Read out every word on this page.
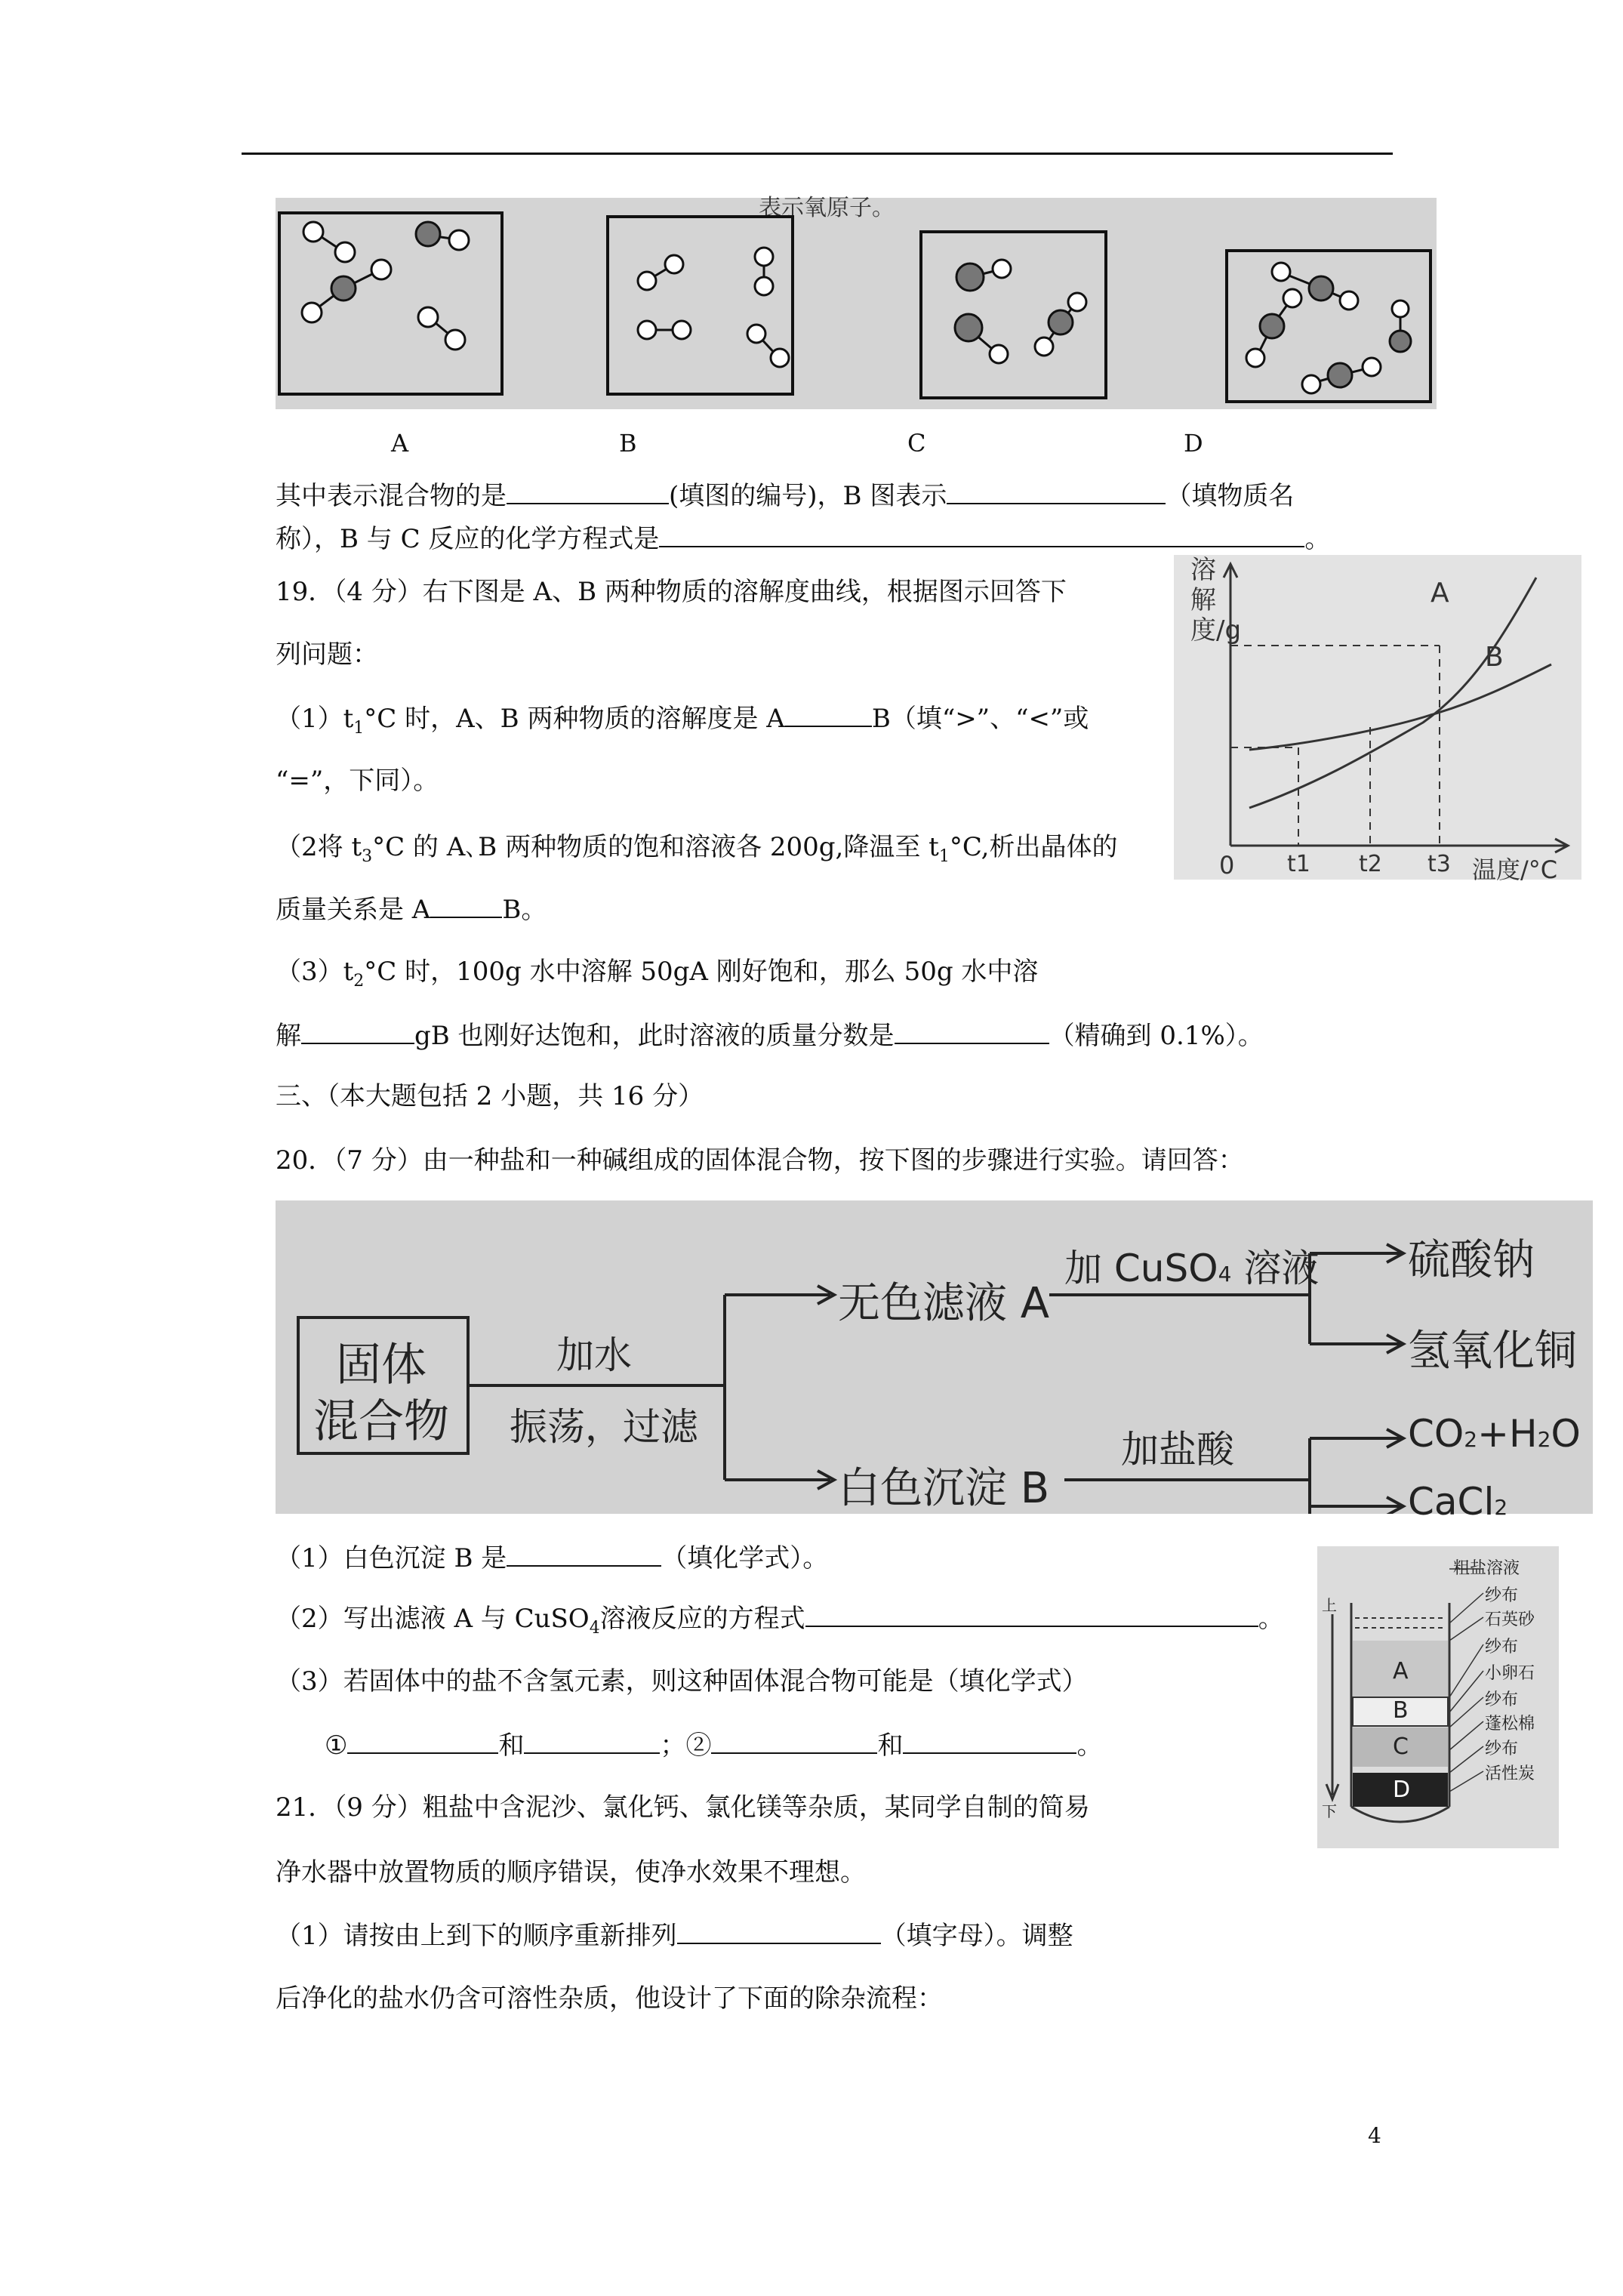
表示氧原子。
A	B	C	D
其中表示混合物的是	(填图的编号)，B 图表示	（填物质名
称），B 与 C 反应的化学方程式是	。
19．（4 分）右下图是 A、B 两种物质的溶解度曲线，根据图示回答下
列问题：
$(1)t_1^\circ C$ 时，A、B 两种物质的溶解度是 A	B（填“>”、“<”或
“=”，下同）。
（2将 $t_3^\circ C$ 的 A､B 两种物质的饱和溶液各 200g,降温至 $t_1^\circ C$,析出晶体的
质量关系是 A	B。
$(3)t_2^\circ C$ 时，100g 水中溶解 50gA 刚好饱和，那么 50g 水中溶
解	gB 也刚好达饱和，此时溶液的质量分数是	（精确到 0.1%）。
溶解度/g
A
B
0 t1 t2 t3 温度/°C
三、（本大题包括 2 小题，共 16 分）
20．（7 分）由一种盐和一种碱组成的固体混合物，按下图的步骤进行实验。请回答：
固体
混合物
加水
振荡，过滤
无色滤液 A
白色沉淀 B
加 CuSO4 溶液
加盐酸
硫酸钠
氢氧化铜
CO2+H2O
CaCl2
（1）白色沉淀 B 是	（填化学式）。
（2）写出滤液 A 与 CuSO$_4$溶液反应的方程式	。
（3）若固体中的盐不含氢元素，则这种固体混合物可能是（填化学式）
①	和	；②	和	。
粗盐溶液
纱布
石英砂
纱布
小卵石
纱布
蓬松棉
纱布
活性炭
A
B
C
D
上
下
21．（9 分）粗盐中含泥沙、氯化钙、氯化镁等杂质，某同学自制的简易
净水器中放置物质的顺序错误，使净水效果不理想。
（1）请按由上到下的顺序重新排列	（填字母）。调整
后净化的盐水仍含可溶性杂质，他设计了下面的除杂流程：
4
